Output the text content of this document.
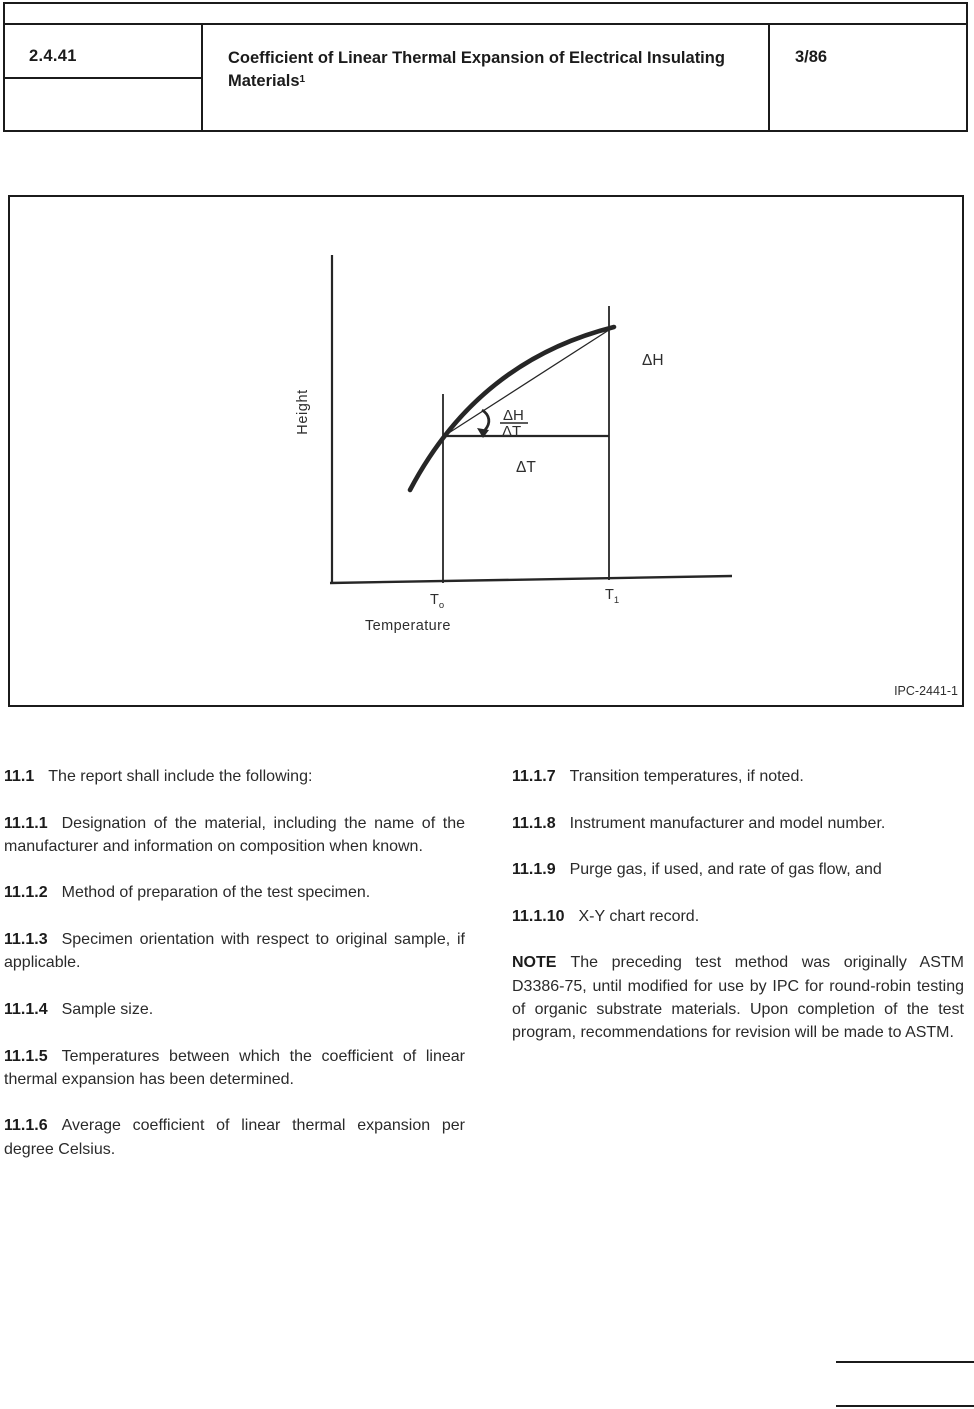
2.4.41	Coefficient of Linear Thermal Expansion of Electrical Insulating
Materials$^1$
3/86
Height
Temperature
$T_o$
$T_1$
ΔH
ΔH
ΔT
ΔT
IPC-2441-1

11.1 The report shall include the following:

11.1.1 Designation of the material, including the name of the manufacturer and information on composition when known.

11.1.2 Method of preparation of the test specimen.

11.1.3 Specimen orientation with respect to original sample, if applicable.

11.1.4 Sample size.

11.1.5 Temperatures between which the coefficient of linear thermal expansion has been determined.

11.1.6 Average coefficient of linear thermal expansion per degree Celsius.

11.1.7 Transition temperatures, if noted.

11.1.8 Instrument manufacturer and model number.

11.1.9 Purge gas, if used, and rate of gas flow, and

11.1.10 X-Y chart record.

NOTE The preceding test method was originally ASTM D3386-75, until modified for use by IPC for round-robin testing of organic substrate materials. Upon completion of the test program, recommendations for revision will be made to ASTM.
